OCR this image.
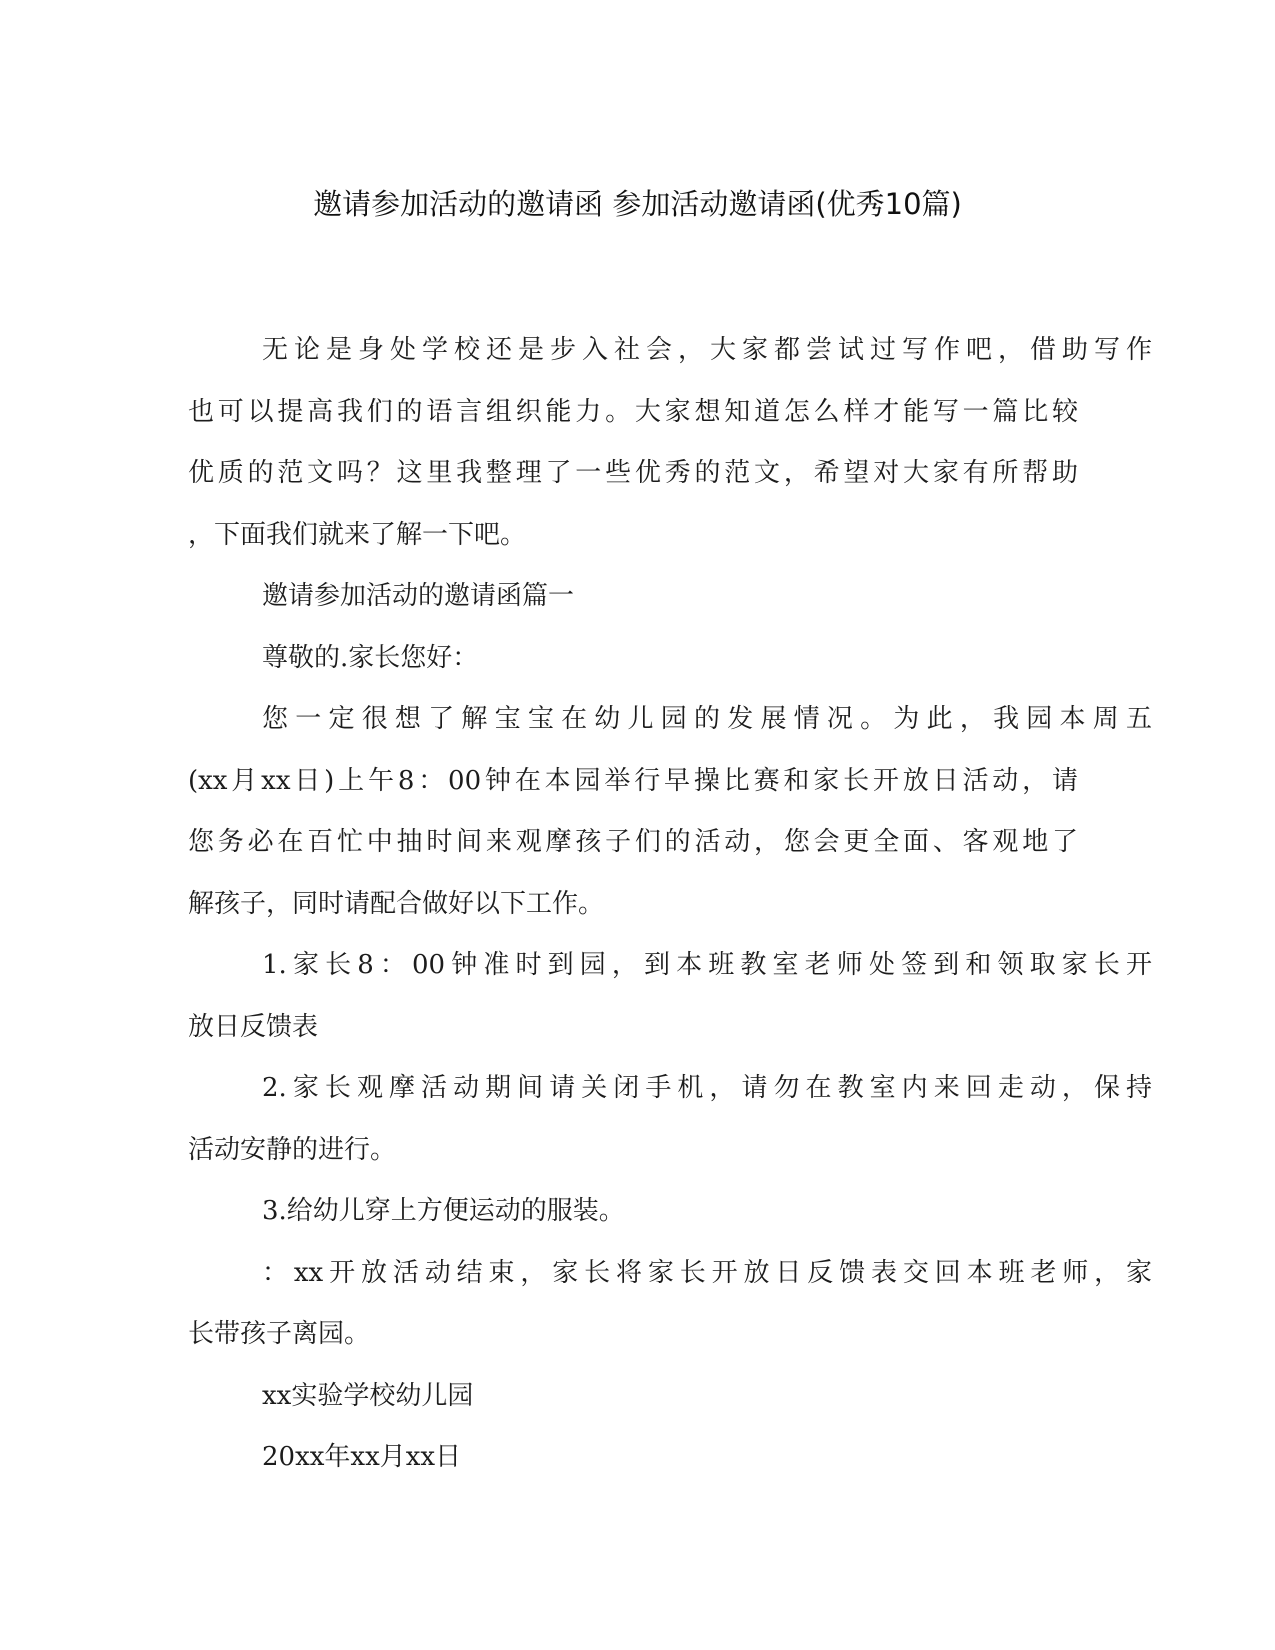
邀请参加活动的邀请函 参加活动邀请函(优秀10篇)
无论是身处学校还是步入社会，大家都尝试过写作吧，借助写作
也可以提高我们的语言组织能力。大家想知道怎么样才能写一篇比较
优质的范文吗？这里我整理了一些优秀的范文，希望对大家有所帮助
，下面我们就来了解一下吧。
邀请参加活动的邀请函篇一
尊敬的.家长您好：
您一定很想了解宝宝在幼儿园的发展情况。为此，我园本周五
(xx月xx日)上午8：00钟在本园举行早操比赛和家长开放日活动，请
您务必在百忙中抽时间来观摩孩子们的活动，您会更全面、客观地了
解孩子，同时请配合做好以下工作。
1.家长8：00钟准时到园，到本班教室老师处签到和领取家长开
放日反馈表
2.家长观摩活动期间请关闭手机，请勿在教室内来回走动，保持
活动安静的进行。
3.给幼儿穿上方便运动的服装。
：xx开放活动结束，家长将家长开放日反馈表交回本班老师，家
长带孩子离园。
xx实验学校幼儿园
20xx年xx月xx日
